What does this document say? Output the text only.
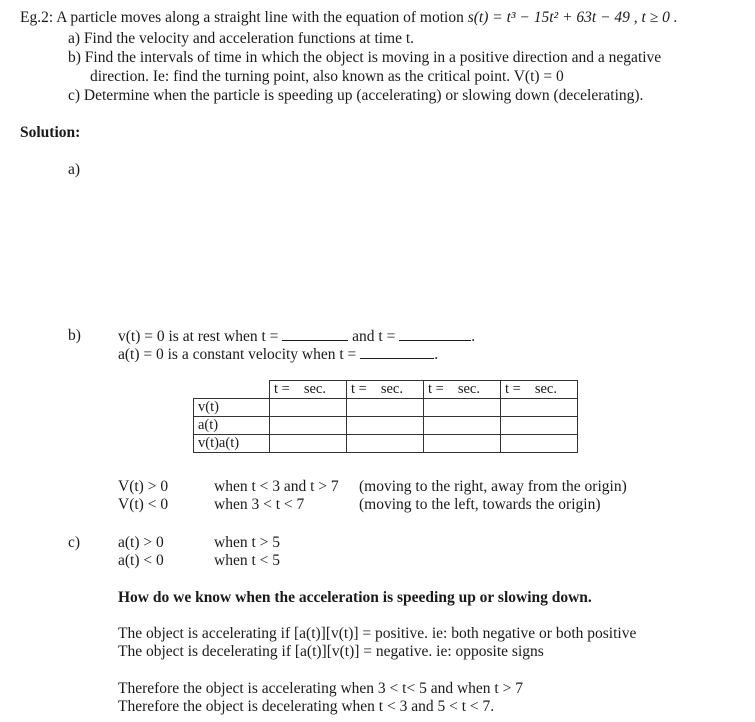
Eg.2: A particle moves along a straight line with the equation of motion s(t) = t³ − 15t² + 63t − 49 , t ≥ 0 .
a) Find the velocity and acceleration functions at time t.
b) Find the intervals of time in which the object is moving in a positive direction and a negative
direction. Ie: find the turning point, also known as the critical point. V(t) = 0
c) Determine when the particle is speeding up (accelerating) or slowing down (decelerating).
Solution:
a)
b) v(t) = 0 is at rest when t =	and t =	.
a(t) = 0 is a constant velocity when t =	.
	t = sec.	t = sec.	t = sec.	t = sec.
v(t)				
a(t)				
v(t)a(t)				
V(t) > 0	when t < 3 and t > 7 (moving to the right, away from the origin)
V(t) < 0	when 3 < t < 7	(moving to the left, towards the origin)
c) a(t) > 0	when t > 5
a(t) < 0	when t < 5
How do we know when the acceleration is speeding up or slowing down.
The object is accelerating if [a(t)][v(t)] = positive. ie: both negative or both positive
The object is decelerating if [a(t)][v(t)] = negative. ie: opposite signs
Therefore the object is accelerating when 3 < t< 5 and when t > 7
Therefore the object is decelerating when t < 3 and 5 < t < 7.
